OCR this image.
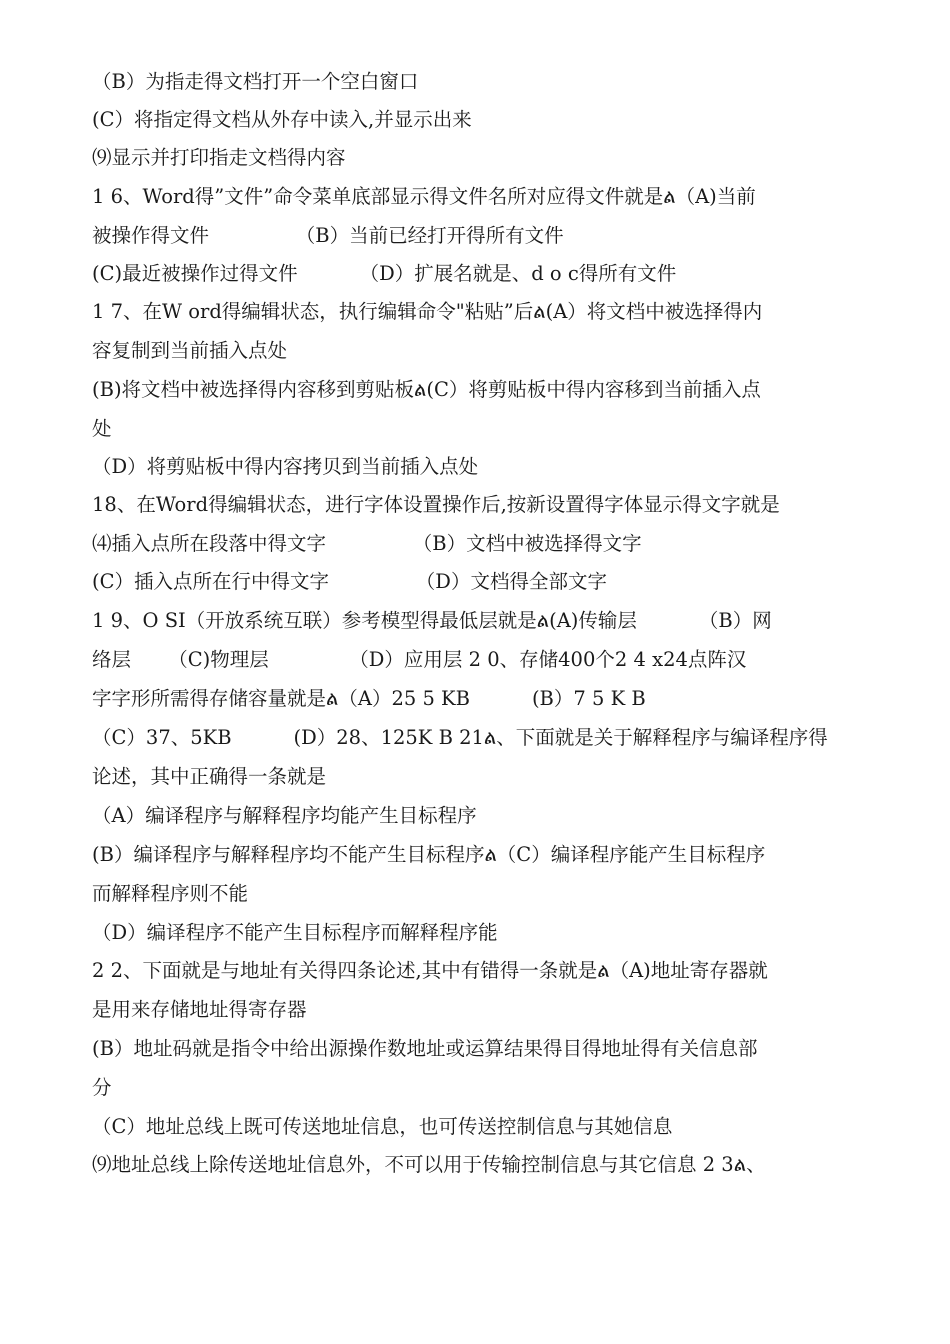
（B）为指走得文档打开一个空白窗口
(C）将指定得文档从外存中读入,并显示出来
⑼显示并打印指走文档得内容
1 6、Word得”文件”命令菜单底部显示得文件名所对应得文件就是ል（A)当前
被操作得文件              （B）当前已经打开得所有文件
(C)最近被操作过得文件          （D）扩展名就是、d o c得所有文件
1 7、在W ord得编辑状态，执行编辑命令"粘贴”后ል(A）将文档中被选择得内
容复制到当前插入点处
(B)将文档中被选择得内容移到剪贴板ል(C）将剪贴板中得内容移到当前插入点
处
（D）将剪贴板中得内容拷贝到当前插入点处
18、在Word得编辑状态，进行字体设置操作后,按新设置得字体显示得文字就是
⑷插入点所在段落中得文字              （B）文档中被选择得文字
(C）插入点所在行中得文字              （D）文档得全部文字
1 9、O SI（开放系统互联）参考模型得最低层就是ል(A)传输层          （B）网
络层      （C)物理层             （D）应用层 2 0、存储400个2 4 x24点阵汉
字字形所需得存储容量就是ል（A）25 5 KB          (B）7 5 K B
（C）37、5KB          (D）28、125K B 21ል、下面就是关于解释程序与编译程序得
论述，其中正确得一条就是
（A）编译程序与解释程序均能产生目标程序
(B）编译程序与解释程序均不能产生目标程序ል（C）编译程序能产生目标程序
而解释程序则不能
（D）编译程序不能产生目标程序而解释程序能
2 2、下面就是与地址有关得四条论述,其中有错得一条就是ል（A)地址寄存器就
是用来存储地址得寄存器
(B）地址码就是指令中给出源操作数地址或运算结果得目得地址得有关信息部
分
（C）地址总线上既可传送地址信息，也可传送控制信息与其她信息
⑼地址总线上除传送地址信息外，不可以用于传输控制信息与其它信息 2 3ል、
